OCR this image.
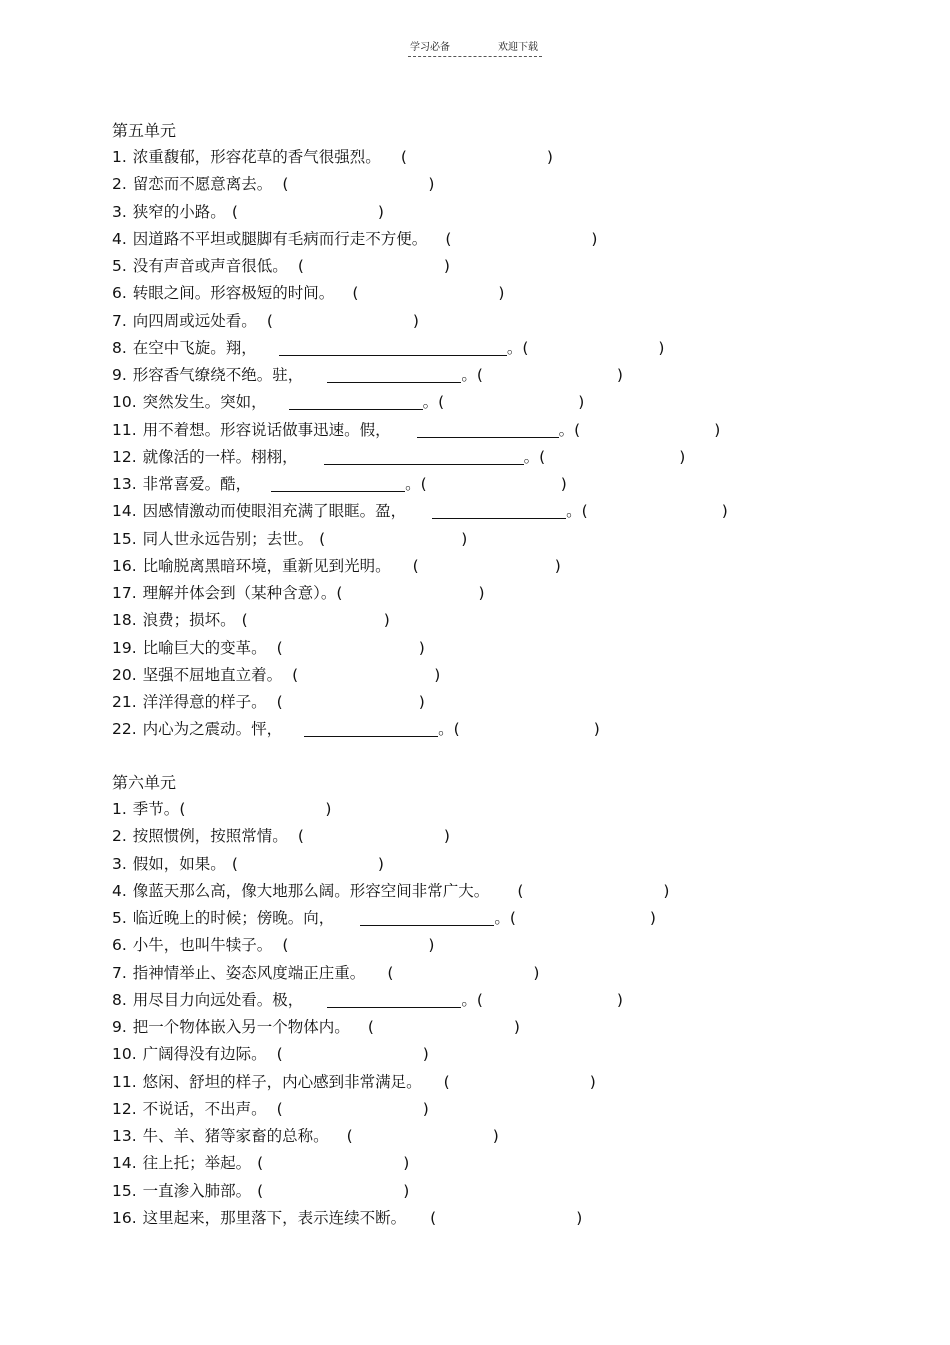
学习必备	欢迎下载
第五单元
1. 浓重馥郁，形容花草的香气很强烈。 (	)
2. 留恋而不愿意离去。 (	)
3. 狭窄的小路。 (	)
4. 因道路不平坦或腿脚有毛病而行走不方便。 (	)
5. 没有声音或声音很低。 (	)
6. 转眼之间。形容极短的时间。 (	)
7. 向四周或远处看。 (	)
8. 在空中飞旋。翔，	。(	)
9. 形容香气缭绕不绝。驻，	。(	)
10. 突然发生。突如，	。(	)
11. 用不着想。形容说话做事迅速。假，	。(	)
12. 就像活的一样。栩栩，	。(	)
13. 非常喜爱。酷，	。(	)
14. 因感情激动而使眼泪充满了眼眶。盈，	。(	)
15. 同人世永远告别；去世。 (	)
16. 比喻脱离黑暗环境，重新见到光明。 (	)
17. 理解并体会到（某种含意）。(	)
18. 浪费；损坏。 (	)
19. 比喻巨大的变革。 (	)
20. 坚强不屈地直立着。 (	)
21. 洋洋得意的样子。 (	)
22. 内心为之震动。怦，	。(	)
第六单元
1. 季节。(	)
2. 按照惯例，按照常情。 (	)
3. 假如，如果。 (	)
4. 像蓝天那么高，像大地那么阔。形容空间非常广大。 (	)
5. 临近晚上的时候；傍晚。向，	。(	)
6. 小牛，也叫牛犊子。 (	)
7. 指神情举止、姿态风度端正庄重。 (	)
8. 用尽目力向远处看。极，	。(	)
9. 把一个物体嵌入另一个物体内。 (	)
10. 广阔得没有边际。 (	)
11. 悠闲、舒坦的样子，内心感到非常满足。 (	)
12. 不说话，不出声。 (	)
13. 牛、羊、猪等家畜的总称。 (	)
14. 往上托；举起。 (	)
15. 一直渗入肺部。 (	)
16. 这里起来，那里落下，表示连续不断。 (	)
